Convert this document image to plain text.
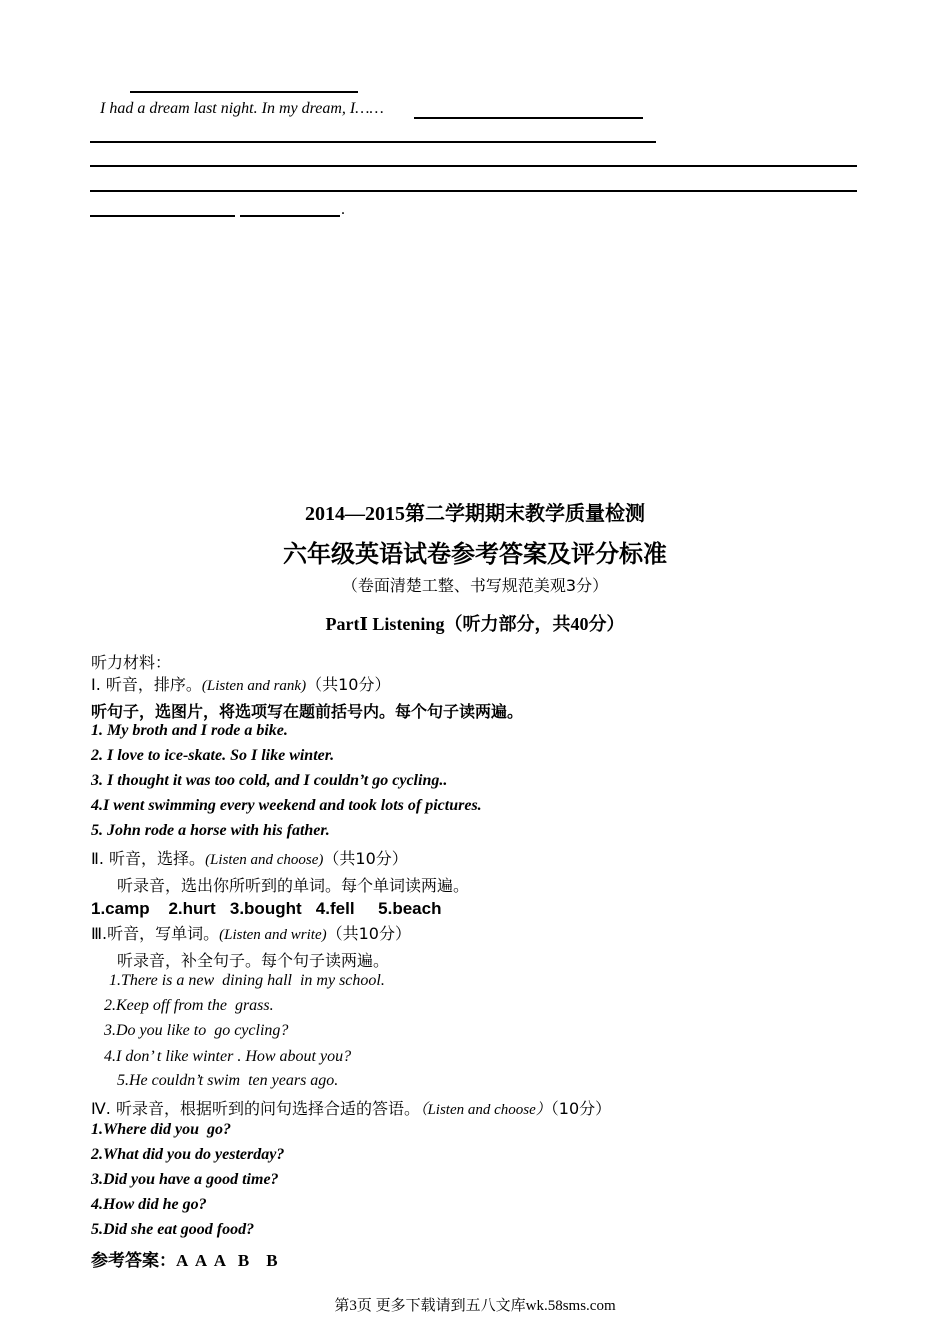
I had a dream last night. In my dream, I……
.
2014—2015第二学期期末教学质量检测
六年级英语试卷参考答案及评分标准
（卷面清楚工整、书写规范美观3分）
PartⅠ Listening（听力部分，共40分）
听力材料：
Ⅰ. 听音，排序。(Listen and rank)（共10分）
听句子，选图片，将选项写在题前括号内。每个句子读两遍。
1. My broth and I rode a bike.
2. I love to ice-skate. So I like winter.
3. I thought it was too cold, and I couldn’t go cycling..
4.I went swimming every weekend and took lots of pictures.
5. John rode a horse with his father.
Ⅱ. 听音，选择。(Listen and choose)（共10分）
听录音，选出你所听到的单词。每个单词读两遍。
1.camp    2.hurt   3.bought   4.fell     5.beach
Ⅲ.听音，写单词。(Listen and write)（共10分）
听录音，补全句子。每个句子读两遍。
1.There is a new  dining hall  in my school.
2.Keep off from the  grass.
3.Do you like to  go cycling?
4.I don’ t like winter . How about you?
5.He couldn’t swim  ten years ago.
Ⅳ. 听录音，根据听到的问句选择合适的答语。（Listen and choose）（10分）
1.Where did you  go?
2.What did you do yesterday?
3.Did you have a good time?
4.How did he go?
5.Did she eat good food?
参考答案：A  A  A   B    B
第3页 更多下载请到五八文库wk.58sms.com
